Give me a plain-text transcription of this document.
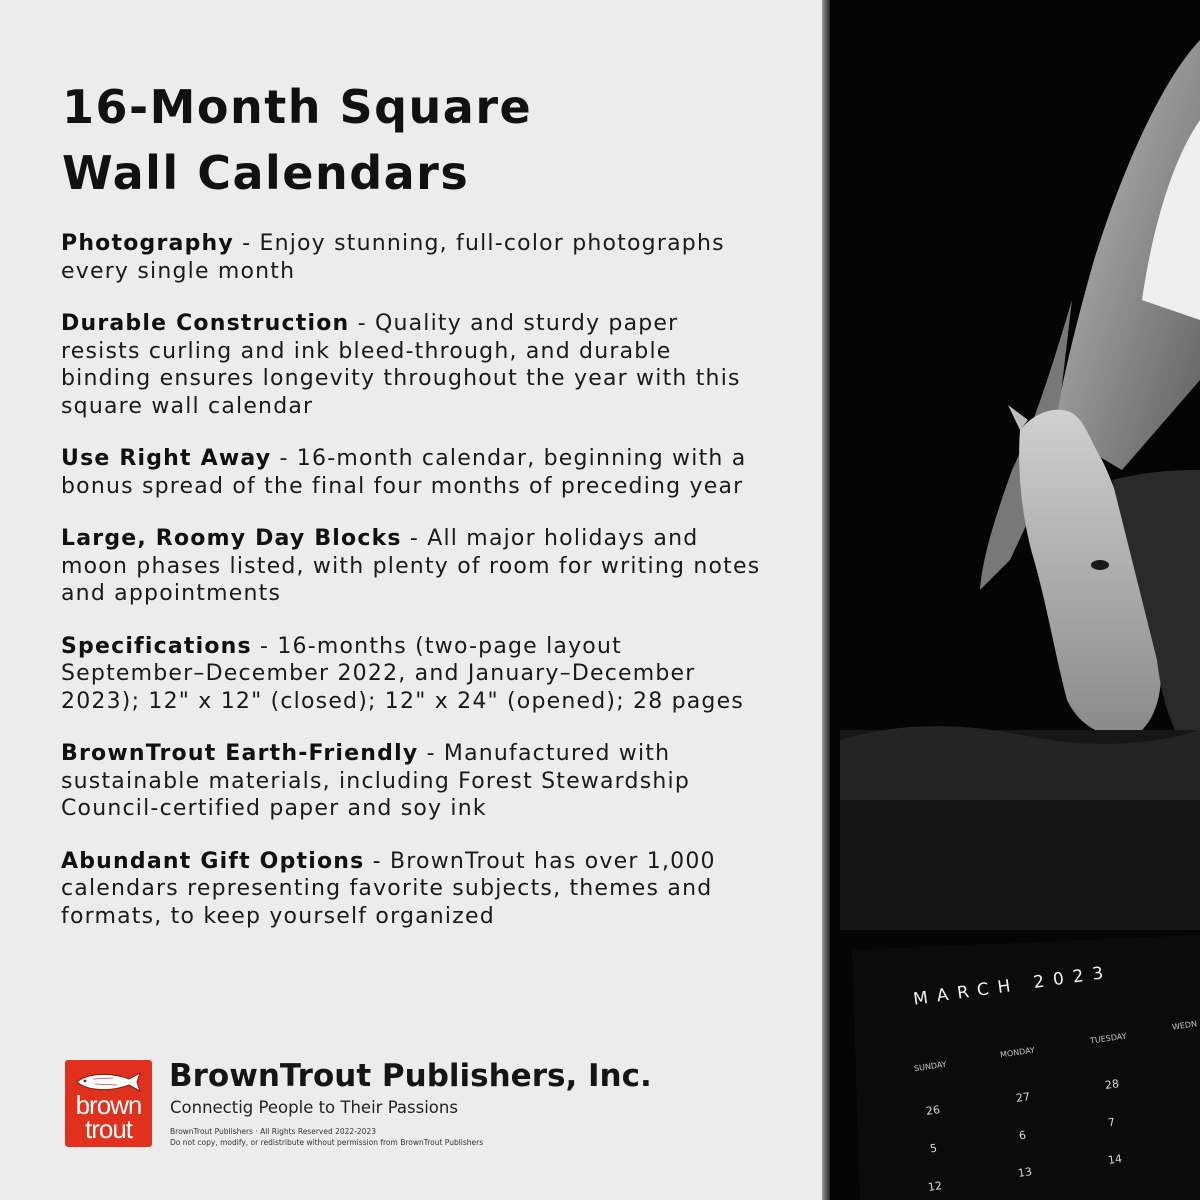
16-Month Square
Wall Calendars
Photography - Enjoy stunning, full-color photographs every single month
Durable Construction - Quality and sturdy paper resists curling and ink bleed-through, and durable binding ensures longevity throughout the year with this square wall calendar
Use Right Away - 16-month calendar, beginning with a bonus spread of the final four months of preceding year
Large, Roomy Day Blocks - All major holidays and moon phases listed, with plenty of room for writing notes and appointments
Specifications - 16-months (two-page layout September–December 2022, and January–December 2023); 12" x 12" (closed); 12" x 24" (opened); 28 pages
BrownTrout Earth-Friendly - Manufactured with sustainable materials, including Forest Stewardship Council-certified paper and soy ink
Abundant Gift Options - BrownTrout has over 1,000 calendars representing favorite subjects, themes and formats, to keep yourself organized
brown
trout
BrownTrout Publishers, Inc.
Connectig People to Their Passions
BrownTrout Publishers · All Rights Reserved 2022-2023
Do not copy, modify, or redistribute without permission from BrownTrout Publishers
MARCH 2023
SUNDAY
MONDAY
TUESDAY
WEDN
26
27
28
5
6
7
12
13
14
